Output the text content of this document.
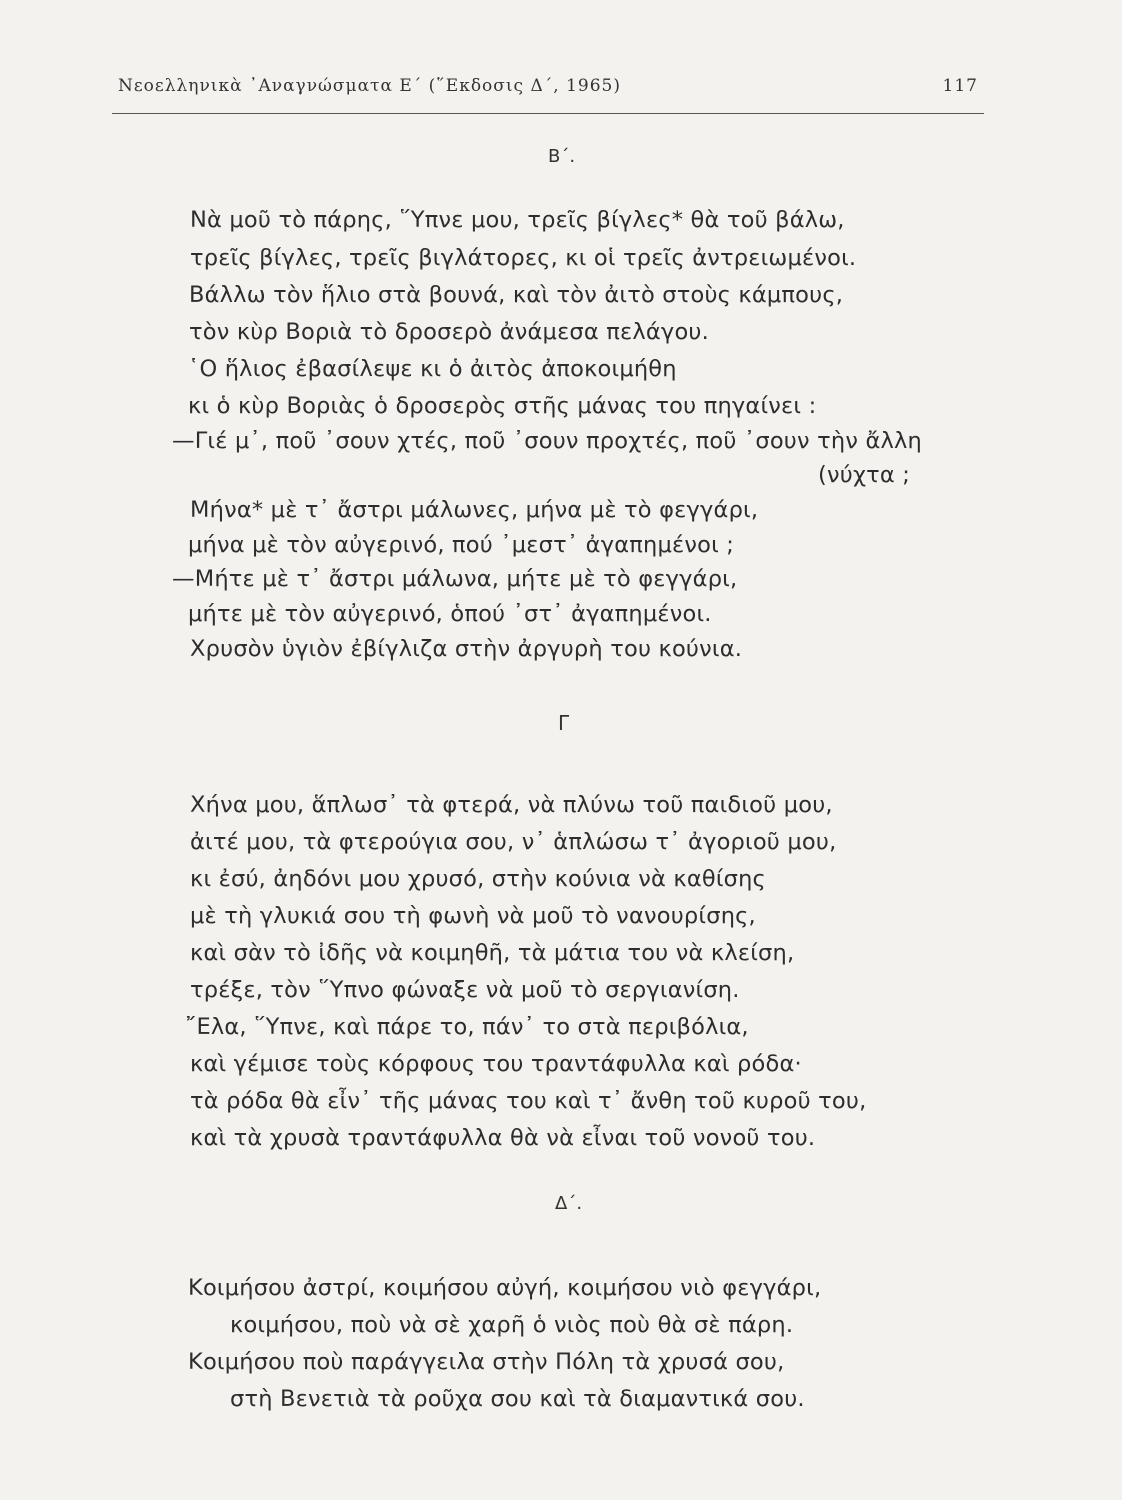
Νεοελληνικὰ ᾿Αναγνώσματα Ε΄ (῞Εκδοσις Δ΄, 1965)	117
Β΄.
Νὰ μοῦ τὸ πάρης, ῞Υπνε μου, τρεῖς βίγλες* θὰ τοῦ βάλω,
τρεῖς βίγλες, τρεῖς βιγλάτορες, κι οἱ τρεῖς ἀντρειωμένοι.
Βάλλω τὸν ἥλιο στὰ βουνά, καὶ τὸν ἀιτὸ στοὺς κάμπους,
τὸν κὺρ Βοριὰ τὸ δροσερὸ ἀνάμεσα πελάγου.
῾Ο ἥλιος ἐβασίλεψε κι ὁ ἀιτὸς ἀποκοιμήθη
κι ὁ κὺρ Βοριὰς ὁ δροσερὸς στῆς μάνας του πηγαίνει :
—Γιέ μ᾽, ποῦ ᾽σουν χτές, ποῦ ᾽σουν προχτές, ποῦ ᾽σουν τὴν ἄλλη
(νύχτα ;
Μήνα* μὲ τ᾽ ἄστρι μάλωνες, μήνα μὲ τὸ φεγγάρι,
μήνα μὲ τὸν αὐγερινό, πού ᾽μεστ᾽ ἀγαπημένοι ;
—Μήτε μὲ τ᾽ ἄστρι μάλωνα, μήτε μὲ τὸ φεγγάρι,
μήτε μὲ τὸν αὐγερινό, ὁπού ᾽στ᾽ ἀγαπημένοι.
Χρυσὸν ὑγιὸν ἐβίγλιζα στὴν ἀργυρὴ του κούνια.
Γ
Χήνα μου, ἅπλωσ᾽ τὰ φτερά, νὰ πλύνω τοῦ παιδιοῦ μου,
ἀιτέ μου, τὰ φτερούγια σου, ν᾽ ἁπλώσω τ᾽ ἀγοριοῦ μου,
κι ἐσύ, ἀηδόνι μου χρυσό, στὴν κούνια νὰ καθίσης
μὲ τὴ γλυκιά σου τὴ φωνὴ νὰ μοῦ τὸ νανουρίσης,
καὶ σὰν τὸ ἰδῆς νὰ κοιμηθῆ, τὰ μάτια του νὰ κλείση,
τρέξε, τὸν ῞Υπνο φώναξε νὰ μοῦ τὸ σεργιανίση.
῎Ελα, ῞Υπνε, καὶ πάρε το, πάν᾽ το στὰ περιβόλια,
καὶ γέμισε τοὺς κόρφους του τραντάφυλλα καὶ ρόδα·
τὰ ρόδα θὰ εἶν᾽ τῆς μάνας του καὶ τ᾽ ἄνθη τοῦ κυροῦ του,
καὶ τὰ χρυσὰ τραντάφυλλα θὰ νὰ εἶναι τοῦ νονοῦ του.
Δ΄.
Κοιμήσου ἀστρί, κοιμήσου αὐγή, κοιμήσου νιὸ φεγγάρι,
κοιμήσου, ποὺ νὰ σὲ χαρῆ ὁ νιὸς ποὺ θὰ σὲ πάρη.
Κοιμήσου ποὺ παράγγειλα στὴν Πόλη τὰ χρυσά σου,
στὴ Βενετιὰ τὰ ροῦχα σου καὶ τὰ διαμαντικά σου.
